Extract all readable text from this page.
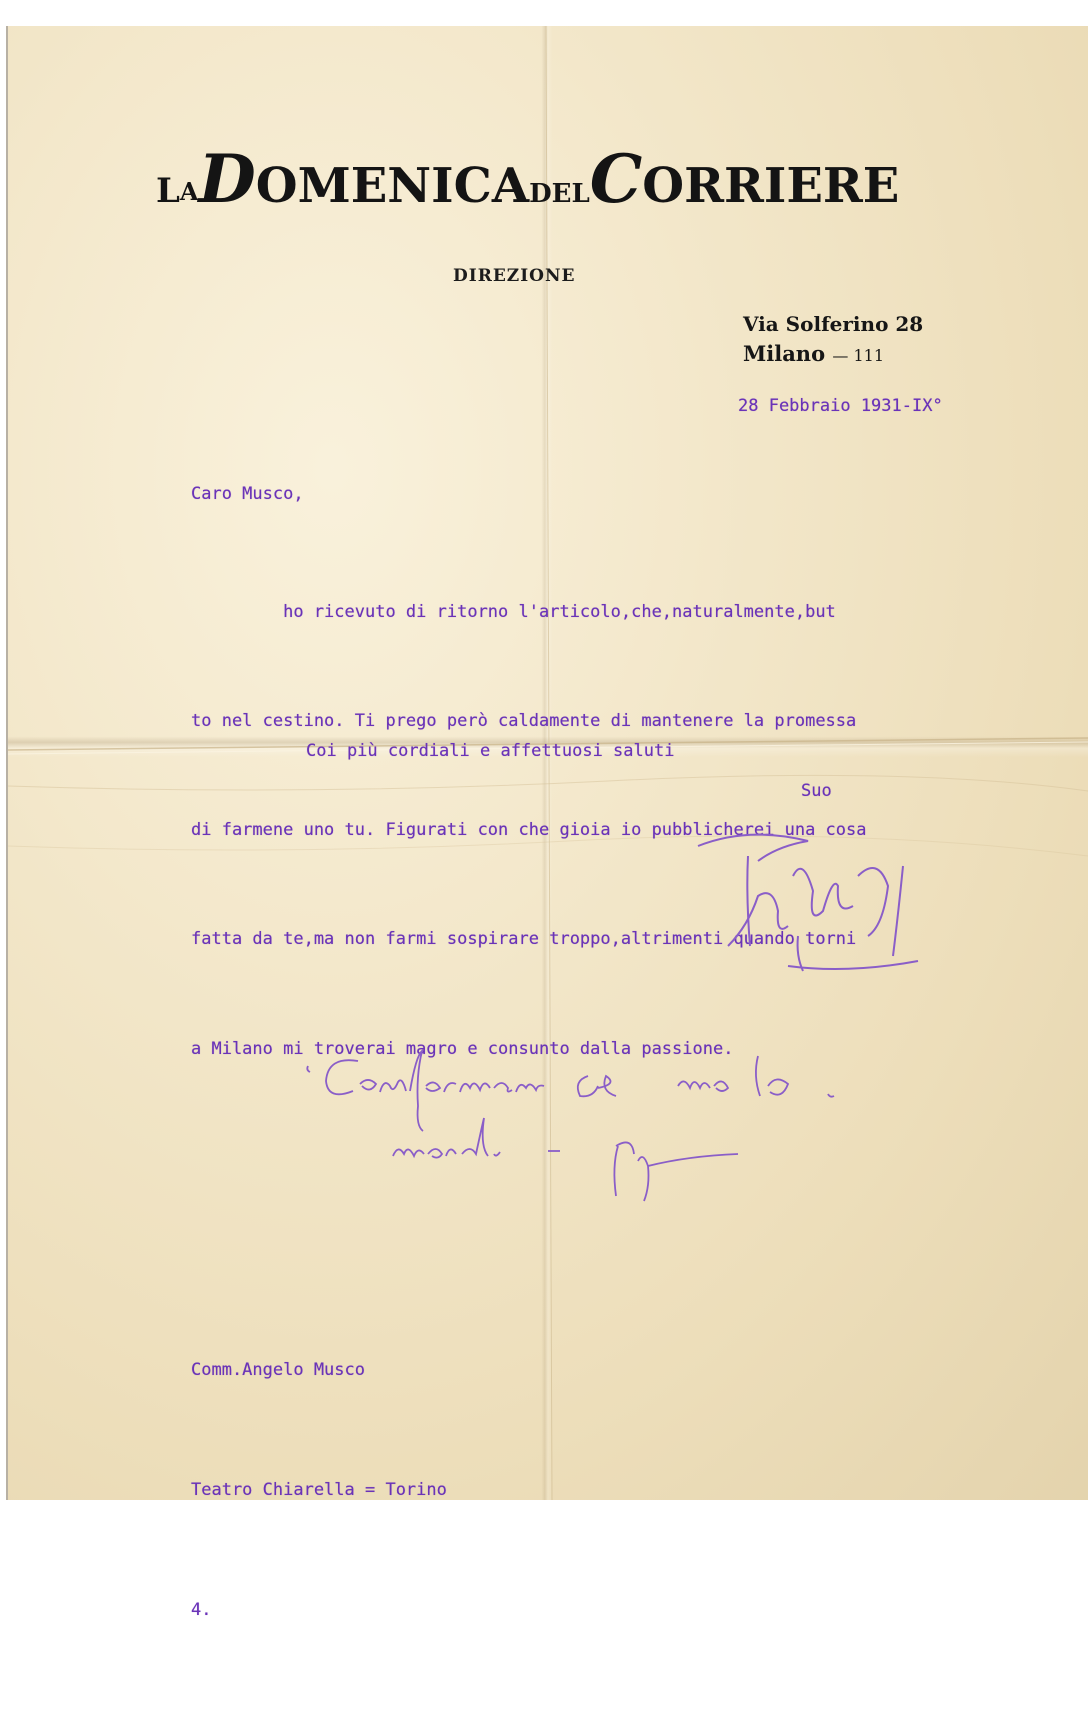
LADOMENICADELCORRIERE
DIREZIONE
Via Solferino 28
Milano — 111
28 Febbraio 1931-IX°
Caro Musco,

ho ricevuto di ritorno l'articolo,che,naturalmente,but

to nel cestino. Ti prego però caldamente di mantenere la promessa

di farmene uno tu. Figurati con che gioia io pubblicherei una cosa

fatta da te,ma non farmi sospirare troppo,altrimenti quando torni

a Milano mi troverai magro e consunto dalla passione.

Coi più cordiali e affettuosi saluti
Suo

Comm.Angelo Musco

Teatro Chiarella = Torino

4.
